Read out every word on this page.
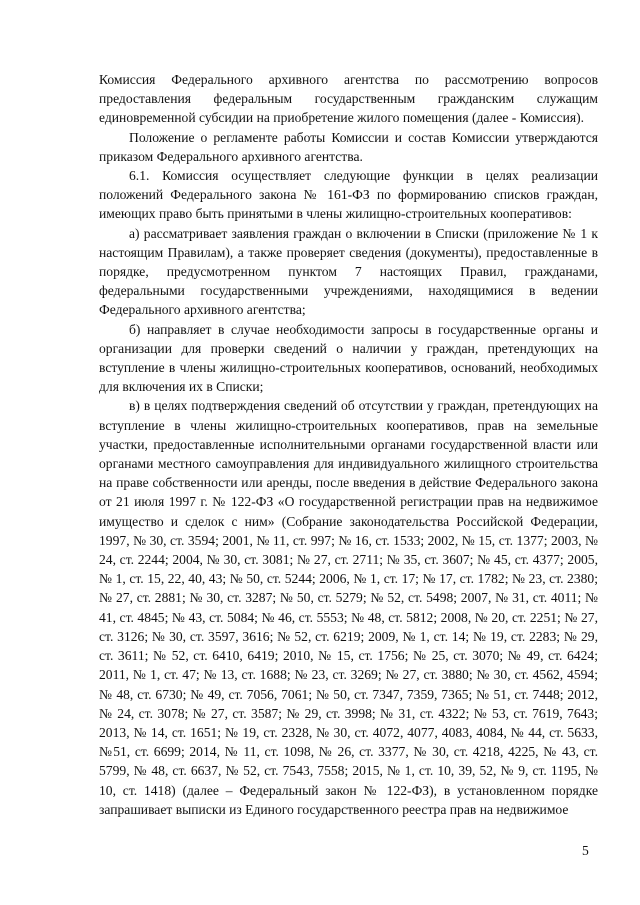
Комиссия Федерального архивного агентства по рассмотрению вопросов предоставления федеральным государственным гражданским служащим единовременной субсидии на приобретение жилого помещения (далее - Комиссия).

Положение о регламенте работы Комиссии и состав Комиссии утверждаются приказом Федерального архивного агентства.

6.1. Комиссия осуществляет следующие функции в целях реализации положений Федерального закона № 161-ФЗ по формированию списков граждан, имеющих право быть принятыми в члены жилищно-строительных кооперативов:

а) рассматривает заявления граждан о включении в Списки (приложение № 1 к настоящим Правилам), а также проверяет сведения (документы), предоставленные в порядке, предусмотренном пунктом 7 настоящих Правил, гражданами, федеральными государственными учреждениями, находящимися в ведении Федерального архивного агентства;

б) направляет в случае необходимости запросы в государственные органы и организации для проверки сведений о наличии у граждан, претендующих на вступление в члены жилищно-строительных кооперативов, оснований, необходимых для включения их в Списки;

в) в целях подтверждения сведений об отсутствии у граждан, претендующих на вступление в члены жилищно-строительных кооперативов, прав на земельные участки, предоставленные исполнительными органами государственной власти или органами местного самоуправления для индивидуального жилищного строительства на праве собственности или аренды, после введения в действие Федерального закона от 21 июля 1997 г. № 122-ФЗ «О государственной регистрации прав на недвижимое имущество и сделок с ним» (Собрание законодательства Российской Федерации, 1997, № 30, ст. 3594; 2001, № 11, ст. 997; № 16, ст. 1533; 2002, № 15, ст. 1377; 2003, № 24, ст. 2244; 2004, № 30, ст. 3081; № 27, ст. 2711; № 35, ст. 3607; № 45, ст. 4377; 2005, № 1, ст. 15, 22, 40, 43; № 50, ст. 5244; 2006, № 1, ст. 17; № 17, ст. 1782; № 23, ст. 2380; № 27, ст. 2881; № 30, ст. 3287; № 50, ст. 5279; № 52, ст. 5498; 2007, № 31, ст. 4011; № 41, ст. 4845; № 43, ст. 5084; № 46, ст. 5553; № 48, ст. 5812; 2008, № 20, ст. 2251; № 27, ст. 3126; № 30, ст. 3597, 3616; № 52, ст. 6219; 2009, № 1, ст. 14; № 19, ст. 2283; № 29, ст. 3611; № 52, ст. 6410, 6419; 2010, № 15, ст. 1756; № 25, ст. 3070; № 49, ст. 6424; 2011, № 1, ст. 47; № 13, ст. 1688; № 23, ст. 3269; № 27, ст. 3880; № 30, ст. 4562, 4594; № 48, ст. 6730; № 49, ст. 7056, 7061; № 50, ст. 7347, 7359, 7365; № 51, ст. 7448; 2012, № 24, ст. 3078; № 27, ст. 3587; № 29, ст. 3998; № 31, ст. 4322; № 53, ст. 7619, 7643; 2013, № 14, ст. 1651; № 19, ст. 2328, № 30, ст. 4072, 4077, 4083, 4084, № 44, ст. 5633, №51, ст. 6699; 2014, № 11, ст. 1098, № 26, ст. 3377, № 30, ст. 4218, 4225, № 43, ст. 5799, № 48, ст. 6637, № 52, ст. 7543, 7558; 2015, № 1, ст. 10, 39, 52, № 9, ст. 1195, № 10, ст. 1418) (далее – Федеральный закон № 122-ФЗ), в установленном порядке запрашивает выписки из Единого государственного реестра прав на недвижимое

5
